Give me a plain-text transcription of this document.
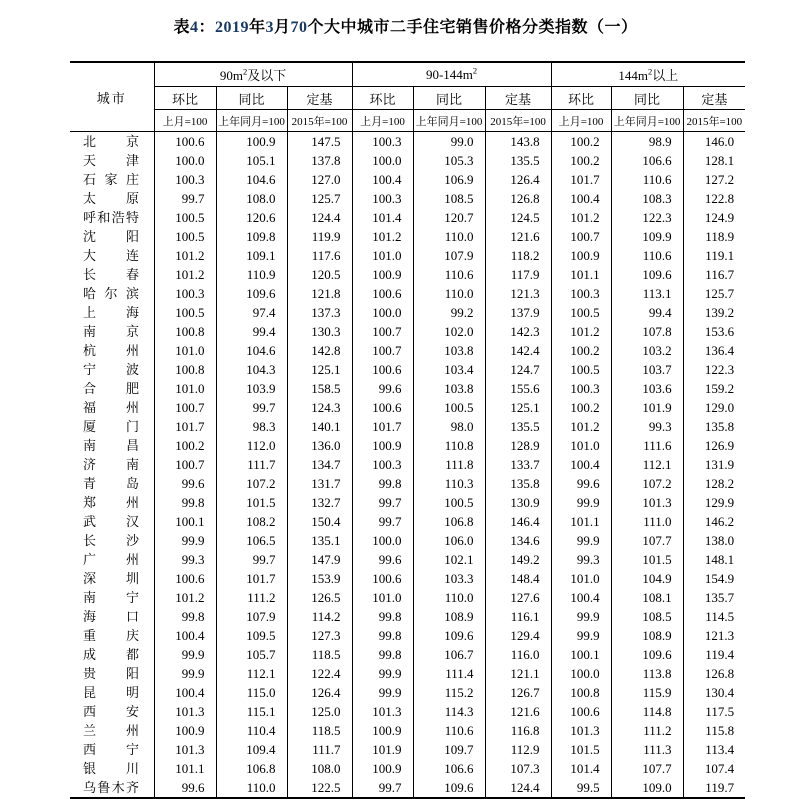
表4：2019年3月70个大中城市二手住宅销售价格分类指数（一）
城市	$90m^2$及以下			$90-144m^2$			$144m^2$以上		
	环比	同比	定基	环比	同比	定基	环比	同比	定基
	上月=100	上年同月=100	2015年=100	上月=100	上年同月=100	2015年=100	上月=100	上年同月=100	2015年=100
北京	100.6	100.9	147.5	100.3	99.0	143.8	100.2	98.9	146.0
天津	100.0	105.1	137.8	100.0	105.3	135.5	100.2	106.6	128.1
石家庄	100.3	104.6	127.0	100.4	106.9	126.4	101.7	110.6	127.2
太原	99.7	108.0	125.7	100.3	108.5	126.8	100.4	108.3	122.8
呼和浩特	100.5	120.6	124.4	101.4	120.7	124.5	101.2	122.3	124.9
沈阳	100.5	109.8	119.9	101.2	110.0	121.6	100.7	109.9	118.9
大连	101.2	109.1	117.6	101.0	107.9	118.2	100.9	110.6	119.1
长春	101.2	110.9	120.5	100.9	110.6	117.9	101.1	109.6	116.7
哈尔滨	100.3	109.6	121.8	100.6	110.0	121.3	100.3	113.1	125.7
上海	100.5	97.4	137.3	100.0	99.2	137.9	100.5	99.4	139.2
南京	100.8	99.4	130.3	100.7	102.0	142.3	101.2	107.8	153.6
杭州	101.0	104.6	142.8	100.7	103.8	142.4	100.2	103.2	136.4
宁波	100.8	104.3	125.1	100.6	103.4	124.7	100.5	103.7	122.3
合肥	101.0	103.9	158.5	99.6	103.8	155.6	100.3	103.6	159.2
福州	100.7	99.7	124.3	100.6	100.5	125.1	100.2	101.9	129.0
厦门	101.7	98.3	140.1	101.7	98.0	135.5	101.2	99.3	135.8
南昌	100.2	112.0	136.0	100.9	110.8	128.9	101.0	111.6	126.9
济南	100.7	111.7	134.7	100.3	111.8	133.7	100.4	112.1	131.9
青岛	99.6	107.2	131.7	99.8	110.3	135.8	99.6	107.2	128.2
郑州	99.8	101.5	132.7	99.7	100.5	130.9	99.9	101.3	129.9
武汉	100.1	108.2	150.4	99.7	106.8	146.4	101.1	111.0	146.2
长沙	99.9	106.5	135.1	100.0	106.0	134.6	99.9	107.7	138.0
广州	99.3	99.7	147.9	99.6	102.1	149.2	99.3	101.5	148.1
深圳	100.6	101.7	153.9	100.6	103.3	148.4	101.0	104.9	154.9
南宁	101.2	111.2	126.5	101.0	110.0	127.6	100.4	108.1	135.7
海口	99.8	107.9	114.2	99.8	108.9	116.1	99.9	108.5	114.5
重庆	100.4	109.5	127.3	99.8	109.6	129.4	99.9	108.9	121.3
成都	99.9	105.7	118.5	99.8	106.7	116.0	100.1	109.6	119.4
贵阳	99.9	112.1	122.4	99.9	111.4	121.1	100.0	113.8	126.8
昆明	100.4	115.0	126.4	99.9	115.2	126.7	100.8	115.9	130.4
西安	101.3	115.1	125.0	101.3	114.3	121.6	100.6	114.8	117.5
兰州	100.9	110.4	118.5	100.9	110.6	116.8	101.3	111.2	115.8
西宁	101.3	109.4	111.7	101.9	109.7	112.9	101.5	111.3	113.4
银川	101.1	106.8	108.0	100.9	106.6	107.3	101.4	107.7	107.4
乌鲁木齐	99.6	110.0	122.5	99.7	109.6	124.4	99.5	109.0	119.7
